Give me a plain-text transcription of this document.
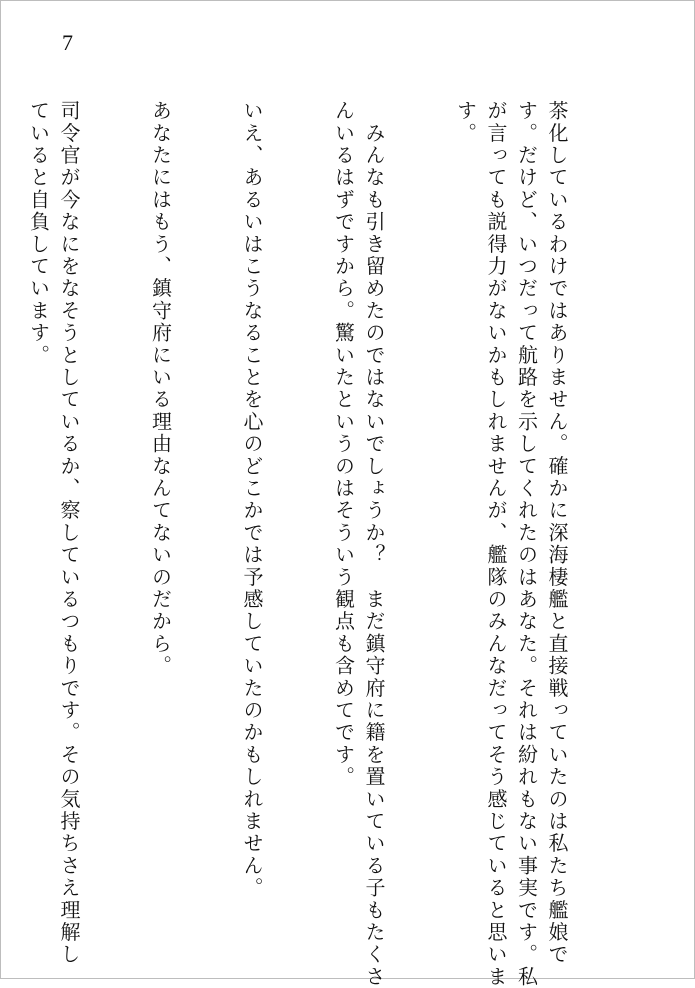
7

茶化しているわけではありません。確かに深海棲艦と直接戦っていたのは私たち艦娘で
す。だけど、いつだって航路を示してくれたのはあなた。それは紛れもない事実です。私
が言っても説得力がないかもしれませんが、艦隊のみんなだってそう感じていると思いま
す。

　みんなも引き留めたのではないでしょうか？　まだ鎮守府に籍を置いている子もたくさ
んいるはずですから。驚いたというのはそういう観点も含めてです。

いえ、あるいはこうなることを心のどこかでは予感していたのかもしれません。

あなたにはもう、鎮守府にいる理由なんてないのだから。

司令官が今なにをなそうとしているか、察しているつもりです。その気持ちさえ理解し
ていると自負しています。
